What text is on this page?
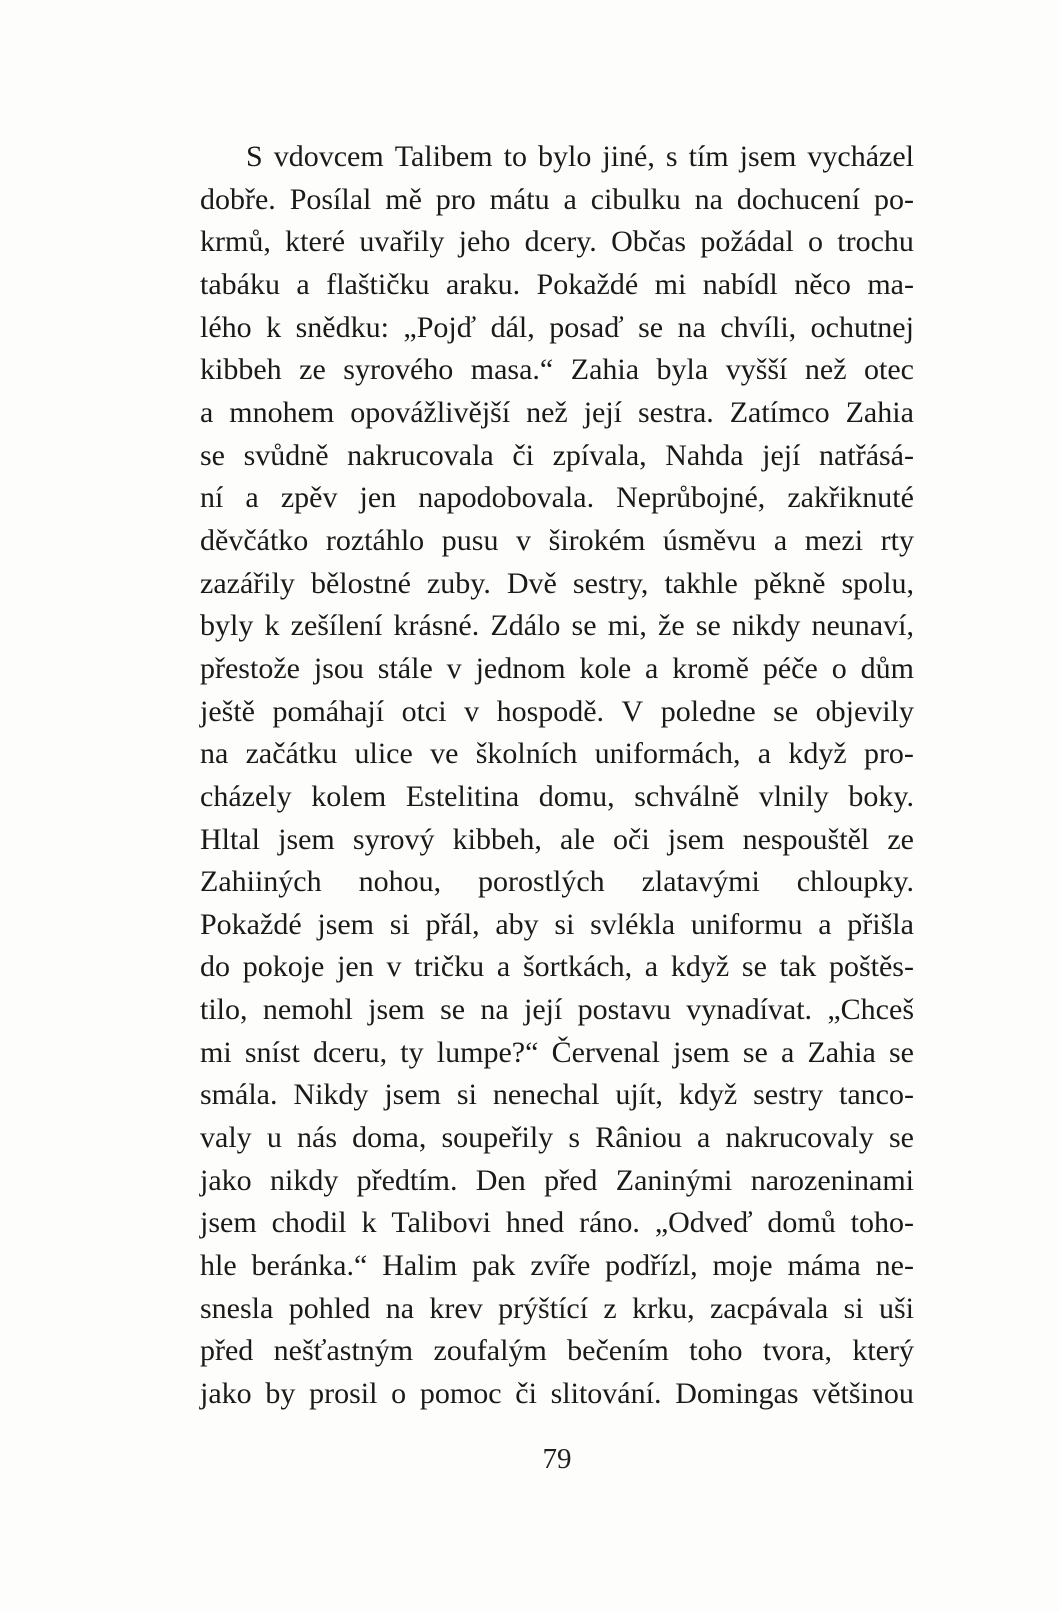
S vdovcem Talibem to bylo jiné, s tím jsem vycházel
dobře. Posílal mě pro mátu a cibulku na dochucení po-
krmů, které uvařily jeho dcery. Občas požádal o trochu
tabáku a flaštičku araku. Pokaždé mi nabídl něco ma-
lého k snědku: „Pojď dál, posaď se na chvíli, ochutnej
kibbeh ze syrového masa.“ Zahia byla vyšší než otec
a mnohem opovážlivější než její sestra. Zatímco Zahia
se svůdně nakrucovala či zpívala, Nahda její natřásá-
ní a zpěv jen napodobovala. Neprůbojné, zakřiknuté
děvčátko roztáhlo pusu v širokém úsměvu a mezi rty
zazářily bělostné zuby. Dvě sestry, takhle pěkně spolu,
byly k zešílení krásné. Zdálo se mi, že se nikdy neunaví,
přestože jsou stále v jednom kole a kromě péče o dům
ještě pomáhají otci v hospodě. V poledne se objevily
na začátku ulice ve školních uniformách, a když pro-
cházely kolem Estelitina domu, schválně vlnily boky.
Hltal jsem syrový kibbeh, ale oči jsem nespouštěl ze
Zahiiných nohou, porostlých zlatavými chloupky.
Pokaždé jsem si přál, aby si svlékla uniformu a přišla
do pokoje jen v tričku a šortkách, a když se tak poštěs-
tilo, nemohl jsem se na její postavu vynadívat. „Chceš
mi sníst dceru, ty lumpe?“ Červenal jsem se a Zahia se
smála. Nikdy jsem si nenechal ujít, když sestry tanco-
valy u nás doma, soupeřily s Râniou a nakrucovaly se
jako nikdy předtím. Den před Zaninými narozeninami
jsem chodil k Talibovi hned ráno. „Odveď domů toho-
hle beránka.“ Halim pak zvíře podřízl, moje máma ne-
snesla pohled na krev prýštící z krku, zacpávala si uši
před nešťastným zoufalým bečením toho tvora, který
jako by prosil o pomoc či slitování. Domingas většinou
79
